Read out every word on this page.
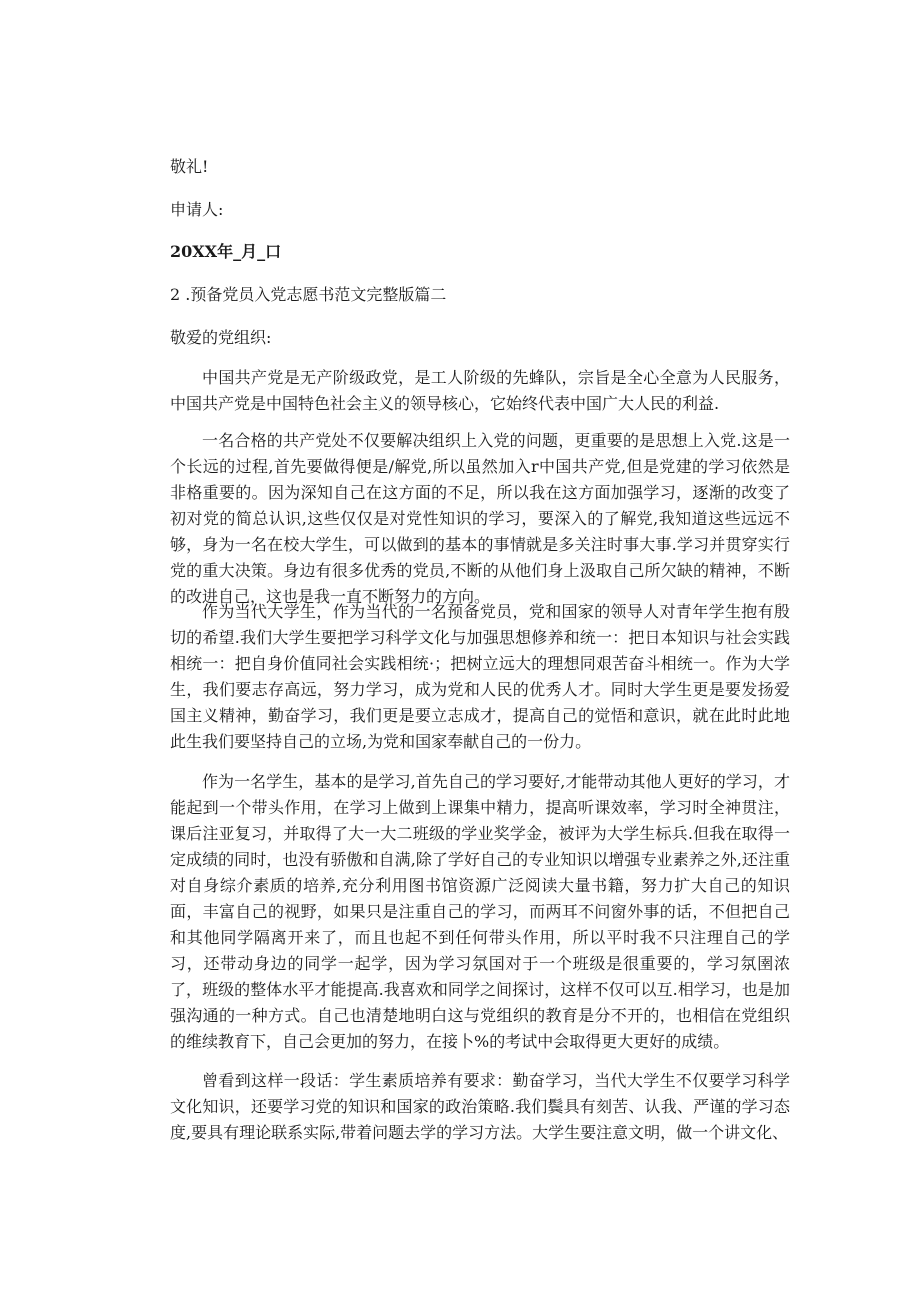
敬礼!
申请人:
20XX年_月_口
2 .预备党员入党志愿书范文完整版篇二
敬爱的党组织:

中国共产党是无产阶级政党，是工人阶级的先蜂队，宗旨是全心全意为人民服务，中国共产党是中国特色社会主义的领导核心，它始终代表中国广大人民的利益.

一名合格的共产党处不仅要解决组织上入党的问题，更重要的是思想上入党.这是一个长远的过程,首先要做得便是/解党,所以虽然加入r中国共产党,但是党建的学习依然是非格重要的。因为深知自己在这方面的不足，所以我在这方面加强学习，逐渐的改变了初对党的简总认识,这些仅仅是对党性知识的学习，要深入的了解党,我知道这些远远不够，身为一名在校大学生，可以做到的基本的事情就是多关注时事大事.学习并贯穿实行党的重大决策。身边有很多优秀的党员,不断的从他们身上汲取自己所欠缺的精神，不断的改进自己，这也是我一直不断努力的方向。

作为当代大学生，作为当代的一名预备党员，党和国家的领导人对青年学生抱有殷切的希望.我们大学生要把学习科学文化与加强思想修养和统一：把日本知识与社会实践相统一：把自身价值同社会实践相统·；把树立远大的理想同艰苦奋斗相统一。作为大学生，我们要志存高远，努力学习，成为党和人民的优秀人才。同时大学生更是要发扬爱国主义精神，勤奋学习，我们更是要立志成才，提高自己的觉悟和意识，就在此时此地此生我们要坚持自己的立场,为党和国家奉献自己的一份力。

作为一名学生，基本的是学习,首先自己的学习要好,才能带动其他人更好的学习，才能起到一个带头作用，在学习上做到上课集中精力，提高听课效率，学习时全神贯注，课后注亚复习，并取得了大一大二班级的学业奖学金，被评为大学生标兵.但我在取得一定成绩的同时，也没有骄傲和自满,除了学好自己的专业知识以增强专业素养之外,还注重对自身综介素质的培养,充分利用图书馆资源广泛阅读大量书籍，努力扩大自己的知识面，丰富自己的视野，如果只是注重自己的学习，而两耳不问窗外事的话，不但把自己和其他同学隔离开来了，而且也起不到任何带头作用，所以平时我不只注理自己的学习，还带动身边的同学一起学，因为学习氛国对于一个班级是很重要的，学习氛圉浓了，班级的整体水平才能提高.我喜欢和同学之间探讨，这样不仅可以互.相学习，也是加强沟通的一种方式。自己也清楚地明白这与党组织的教育是分不开的，也相信在党组织的维续教育下，自己会更加的努力，在接卜%的考试中会取得更大更好的成绩。

曾看到这样一段话：学生素质培养有要求：勤奋学习，当代大学生不仅要学习科学文化知识，还要学习党的知识和国家的政治策略.我们鬓具有刻苦、认我、严谨的学习态度,要具有理论联系实际,带着问题去学的学习方法。大学生要注意文明，做一个讲文化、
